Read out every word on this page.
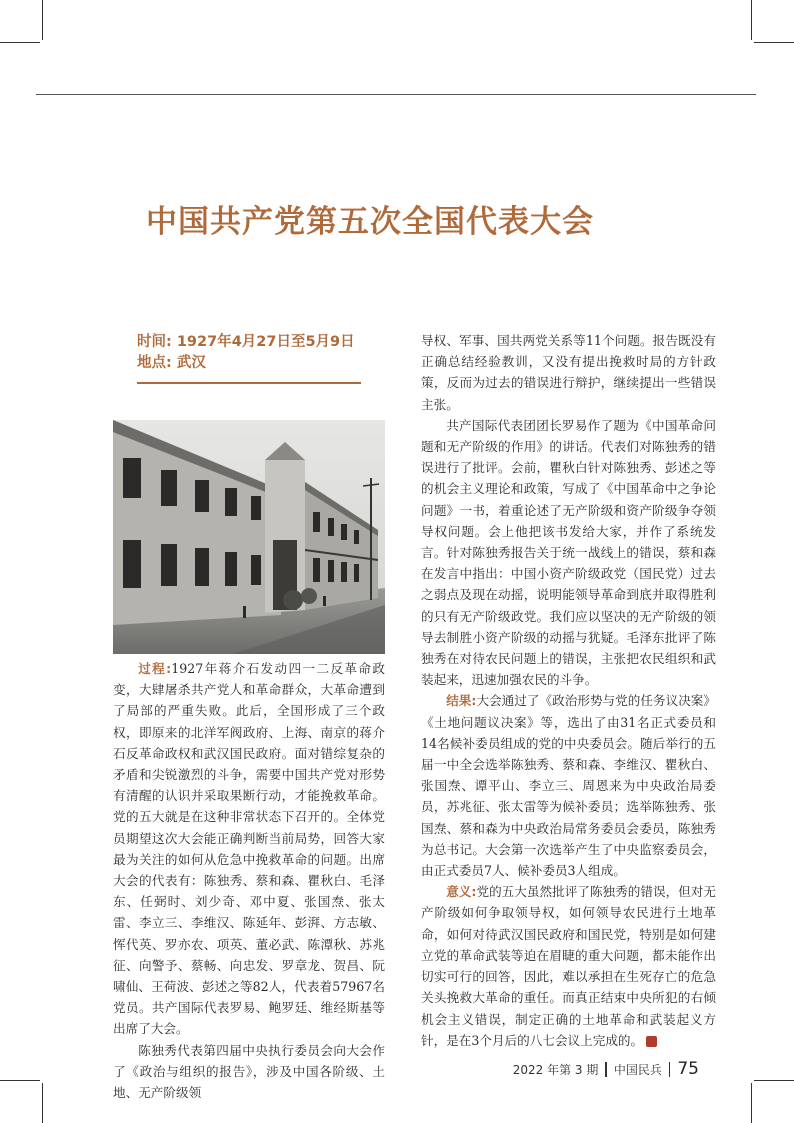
中国共产党第五次全国代表大会
时间: 1927年4月27日至5月9日
地点: 武汉

过程:1927年蒋介石发动四一二反革命政变，大肆屠杀共产党人和革命群众，大革命遭到了局部的严重失败。此后，全国形成了三个政权，即原来的北洋军阀政府、上海、南京的蒋介石反革命政权和武汉国民政府。面对错综复杂的矛盾和尖锐激烈的斗争，需要中国共产党对形势有清醒的认识并采取果断行动，才能挽救革命。党的五大就是在这种非常状态下召开的。全体党员期望这次大会能正确判断当前局势，回答大家最为关注的如何从危急中挽救革命的问题。出席大会的代表有：陈独秀、蔡和森、瞿秋白、毛泽东、任弼时、刘少奇、邓中夏、张国焘、张太雷、李立三、李维汉、陈延年、彭湃、方志敏、恽代英、罗亦农、项英、董必武、陈潭秋、苏兆征、向警予、蔡畅、向忠发、罗章龙、贺昌、阮啸仙、王荷波、彭述之等82人，代表着57967名党员。共产国际代表罗易、鲍罗廷、维经斯基等出席了大会。

陈独秀代表第四届中央执行委员会向大会作了《政治与组织的报告》，涉及中国各阶级、土地、无产阶级领

导权、军事、国共两党关系等11个问题。报告既没有正确总结经验教训，又没有提出挽救时局的方针政策，反而为过去的错误进行辩护，继续提出一些错误主张。

共产国际代表团团长罗易作了题为《中国革命问题和无产阶级的作用》的讲话。代表们对陈独秀的错误进行了批评。会前，瞿秋白针对陈独秀、彭述之等的机会主义理论和政策，写成了《中国革命中之争论问题》一书，着重论述了无产阶级和资产阶级争夺领导权问题。会上他把该书发给大家，并作了系统发言。针对陈独秀报告关于统一战线上的错误，蔡和森在发言中指出：中国小资产阶级政党（国民党）过去之弱点及现在动摇，说明能领导革命到底并取得胜利的只有无产阶级政党。我们应以坚决的无产阶级的领导去制胜小资产阶级的动摇与犹疑。毛泽东批评了陈独秀在对待农民问题上的错误，主张把农民组织和武装起来，迅速加强农民的斗争。

结果:大会通过了《政治形势与党的任务议决案》《土地问题议决案》等，选出了由31名正式委员和14名候补委员组成的党的中央委员会。随后举行的五届一中全会选举陈独秀、蔡和森、李维汉、瞿秋白、张国焘、谭平山、李立三、周恩来为中央政治局委员，苏兆征、张太雷等为候补委员；选举陈独秀、张国焘、蔡和森为中央政治局常务委员会委员，陈独秀为总书记。大会第一次选举产生了中央监察委员会，由正式委员7人、候补委员3人组成。

意义:党的五大虽然批评了陈独秀的错误，但对无产阶级如何争取领导权，如何领导农民进行土地革命，如何对待武汉国民政府和国民党，特别是如何建立党的革命武装等迫在眉睫的重大问题，都未能作出切实可行的回答，因此，难以承担在生死存亡的危急关头挽救大革命的重任。而真正结束中央所犯的右倾机会主义错误，制定正确的土地革命和武装起义方针，是在3个月后的八七会议上完成的。	民

2022 年第 3 期 中国民兵 75
